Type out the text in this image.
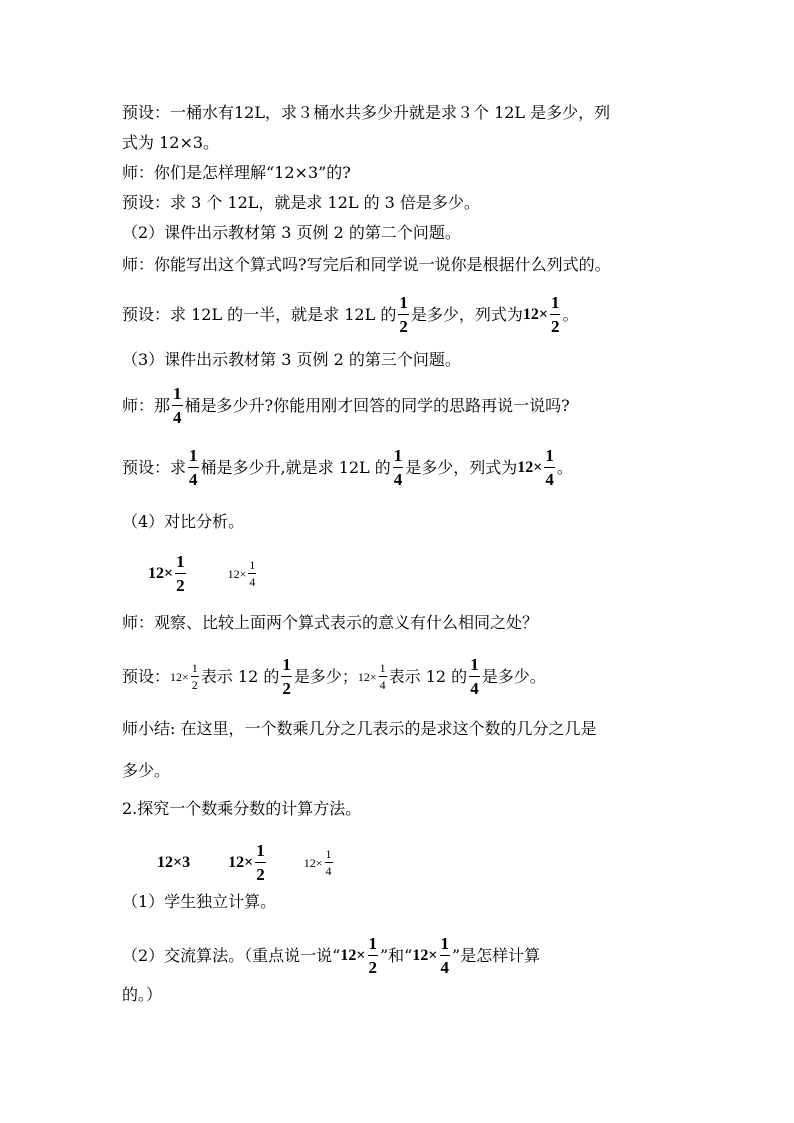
预设：一桶水有12L，求３桶水共多少升就是求３个 12L 是多少，列
式为 12×3。
师：你们是怎样理解“12×3”的?
预设：求 3 个 12L，就是求 12L 的 3 倍是多少。
（2）课件出示教材第 3 页例 2 的第二个问题。
师：你能写出这个算式吗?写完后和同学说一说你是根据什么列式的。
预设：求 12L 的一半，就是求 12L 的 $\frac{1}{2}$ 是多少，列式为 $12\times \frac{1}{2}$ 。
（3）课件出示教材第 3 页例 2 的第三个问题。
师：那 $\frac{1}{4}$ 桶是多少升?你能用刚才回答的同学的思路再说一说吗?
预设：求 $\frac{1}{4}$ 桶是多少升,就是求 12L 的 $\frac{1}{4}$ 是多少，列式为 $12\times \frac{1}{4}$ 。
（4）对比分析。
$12\times \frac{1}{2}$	$12\times \frac{1}{4}$
师：观察、比较上面两个算式表示的意义有什么相同之处？
预设： $12\times \frac{1}{2}$ 表示 12 的 $\frac{1}{2}$ 是多少； $12\times \frac{1}{4}$ 表示 12 的 $\frac{1}{4}$ 是多少。
师小结: 在这里，一个数乘几分之几表示的是求这个数的几分之几是
多少。
2.探究一个数乘分数的计算方法。
12×3 $12\times \frac{1}{2}$	$12\times \frac{1}{4}$
（1）学生独立计算。
（2）交流算法。（重点说一说“ $12\times \frac{1}{2}$ ”和“ $12\times \frac{1}{4}$ ”是怎样计算
的。）
